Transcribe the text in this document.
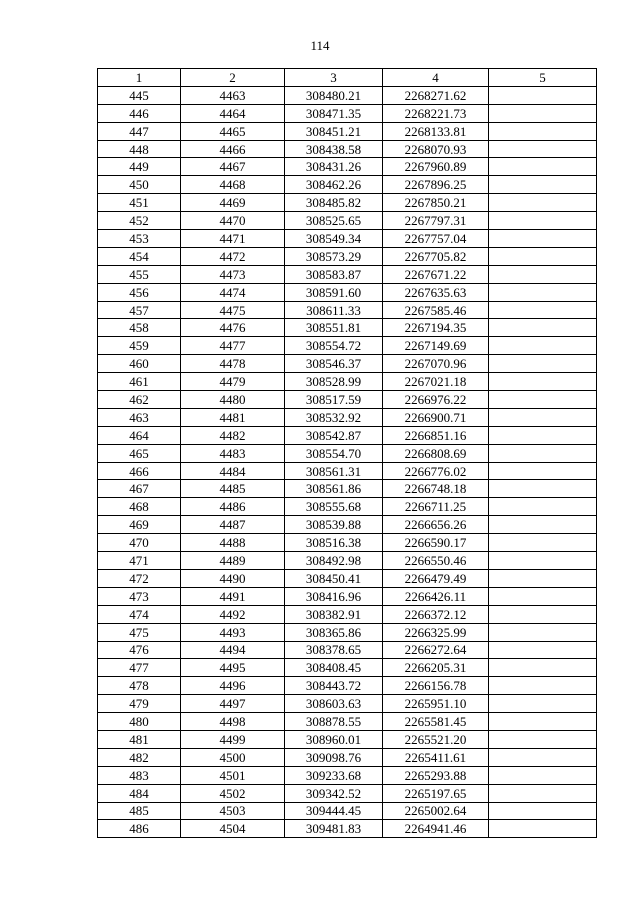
114
1	2	3	4	5
445	4463	308480.21	2268271.62	
446	4464	308471.35	2268221.73	
447	4465	308451.21	2268133.81	
448	4466	308438.58	2268070.93	
449	4467	308431.26	2267960.89	
450	4468	308462.26	2267896.25	
451	4469	308485.82	2267850.21	
452	4470	308525.65	2267797.31	
453	4471	308549.34	2267757.04	
454	4472	308573.29	2267705.82	
455	4473	308583.87	2267671.22	
456	4474	308591.60	2267635.63	
457	4475	308611.33	2267585.46	
458	4476	308551.81	2267194.35	
459	4477	308554.72	2267149.69	
460	4478	308546.37	2267070.96	
461	4479	308528.99	2267021.18	
462	4480	308517.59	2266976.22	
463	4481	308532.92	2266900.71	
464	4482	308542.87	2266851.16	
465	4483	308554.70	2266808.69	
466	4484	308561.31	2266776.02	
467	4485	308561.86	2266748.18	
468	4486	308555.68	2266711.25	
469	4487	308539.88	2266656.26	
470	4488	308516.38	2266590.17	
471	4489	308492.98	2266550.46	
472	4490	308450.41	2266479.49	
473	4491	308416.96	2266426.11	
474	4492	308382.91	2266372.12	
475	4493	308365.86	2266325.99	
476	4494	308378.65	2266272.64	
477	4495	308408.45	2266205.31	
478	4496	308443.72	2266156.78	
479	4497	308603.63	2265951.10	
480	4498	308878.55	2265581.45	
481	4499	308960.01	2265521.20	
482	4500	309098.76	2265411.61	
483	4501	309233.68	2265293.88	
484	4502	309342.52	2265197.65	
485	4503	309444.45	2265002.64	
486	4504	309481.83	2264941.46	
